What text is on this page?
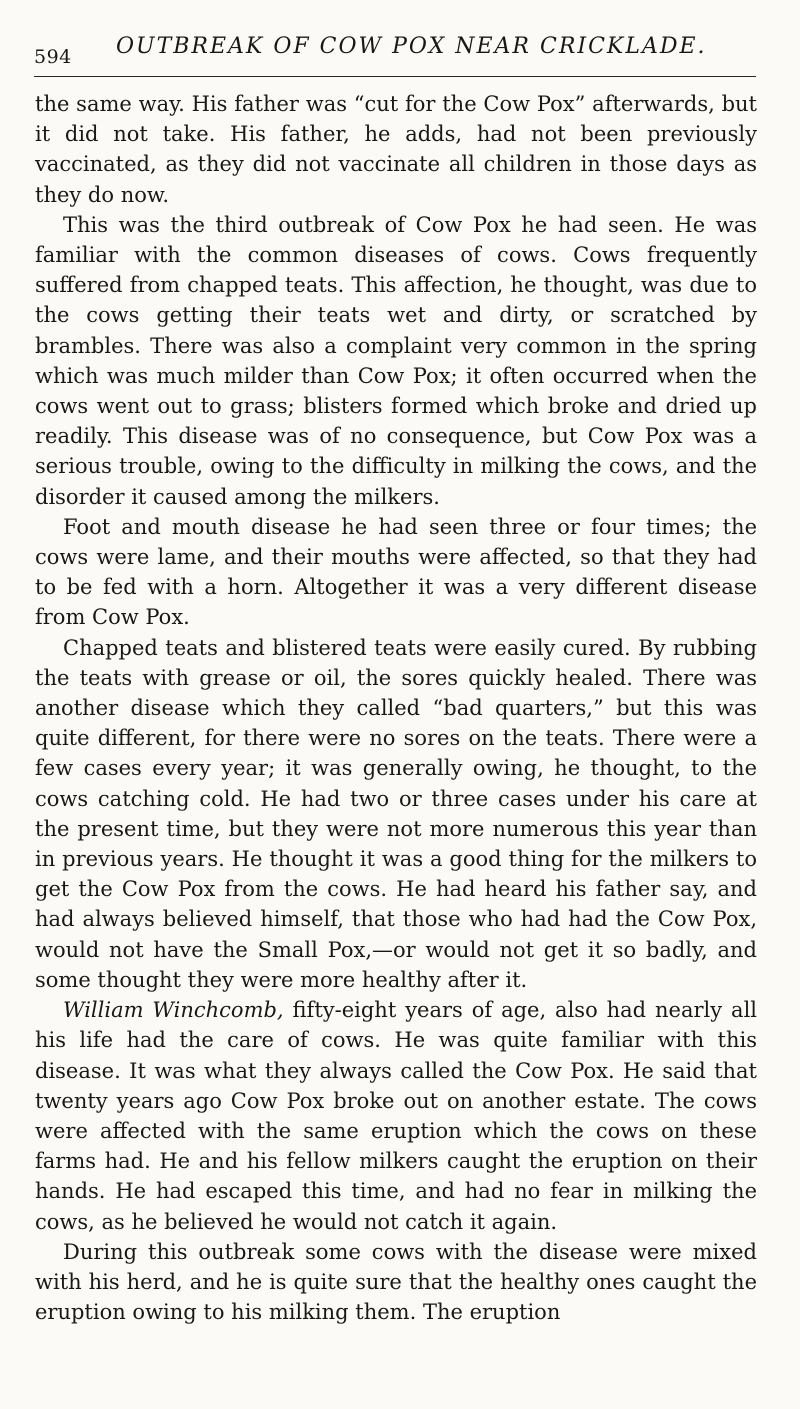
594 OUTBREAK OF COW POX NEAR CRICKLADE.

the same way. His father was “cut for the Cow Pox” afterwards, but it did not take. His father, he adds, had not been previously vaccinated, as they did not vaccinate all children in those days as they do now.

This was the third outbreak of Cow Pox he had seen. He was familiar with the common diseases of cows. Cows frequently suffered from chapped teats. This affection, he thought, was due to the cows getting their teats wet and dirty, or scratched by brambles. There was also a complaint very common in the spring which was much milder than Cow Pox; it often occurred when the cows went out to grass; blisters formed which broke and dried up readily. This disease was of no consequence, but Cow Pox was a serious trouble, owing to the difficulty in milking the cows, and the disorder it caused among the milkers.

Foot and mouth disease he had seen three or four times; the cows were lame, and their mouths were affected, so that they had to be fed with a horn. Altogether it was a very different disease from Cow Pox.

Chapped teats and blistered teats were easily cured. By rubbing the teats with grease or oil, the sores quickly healed. There was another disease which they called “bad quarters,” but this was quite different, for there were no sores on the teats. There were a few cases every year; it was generally owing, he thought, to the cows catching cold. He had two or three cases under his care at the present time, but they were not more numerous this year than in previous years. He thought it was a good thing for the milkers to get the Cow Pox from the cows. He had heard his father say, and had always believed himself, that those who had had the Cow Pox, would not have the Small Pox,—or would not get it so badly, and some thought they were more healthy after it.

William Winchcomb, fifty-eight years of age, also had nearly all his life had the care of cows. He was quite familiar with this disease. It was what they always called the Cow Pox. He said that twenty years ago Cow Pox broke out on another estate. The cows were affected with the same eruption which the cows on these farms had. He and his fellow milkers caught the eruption on their hands. He had escaped this time, and had no fear in milking the cows, as he believed he would not catch it again.

During this outbreak some cows with the disease were mixed with his herd, and he is quite sure that the healthy ones caught the eruption owing to his milking them. The eruption
